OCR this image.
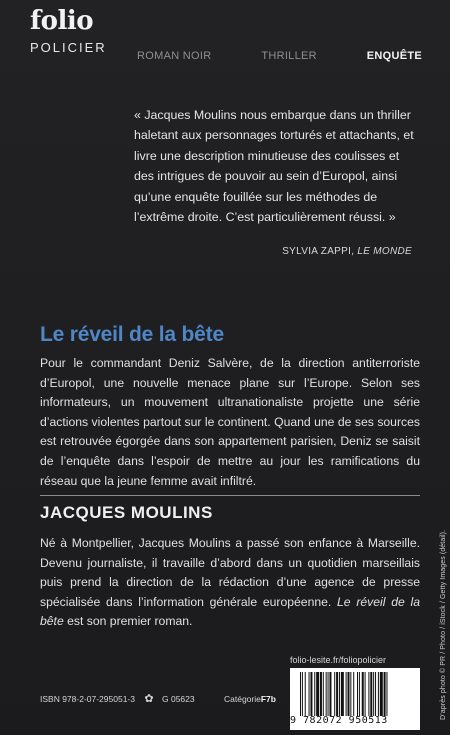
folio
POLICIER
ROMAN NOIR	THRILLER	ENQUÊTE

« Jacques Moulins nous embarque dans un thriller haletant aux personnages torturés et attachants, et livre une description minutieuse des coulisses et des intrigues de pouvoir au sein d’Europol, ainsi qu’une enquête fouillée sur les méthodes de l’extrême droite. C’est particulièrement réussi. »

SYLVIA ZAPPI, LE MONDE
Le réveil de la bête

Pour le commandant Deniz Salvère, de la direction antiterroriste d’Europol, une nouvelle menace plane sur l’Europe. Selon ses informateurs, un mouvement ultranationaliste projette une série d’actions violentes partout sur le continent. Quand une de ses sources est retrouvée égorgée dans son appartement parisien, Deniz se saisit de l’enquête dans l’espoir de mettre au jour les ramifications du réseau que la jeune femme avait infiltré.

JACQUES MOULINS

Né à Montpellier, Jacques Moulins a passé son enfance à Marseille. Devenu journaliste, il travaille d’abord dans un quotidien marseillais puis prend la direction de la rédaction d’une agence de presse spécialisée dans l’information générale européenne. Le réveil de la bête est son premier roman.

folio-lesite.fr/foliopolicier	D’après photo © PR / Photo / iStock / Getty Images (détail).
ISBN 978-2-07-295051-3 ✿ G 05623	CatégorieF7b
9 782072 950513
